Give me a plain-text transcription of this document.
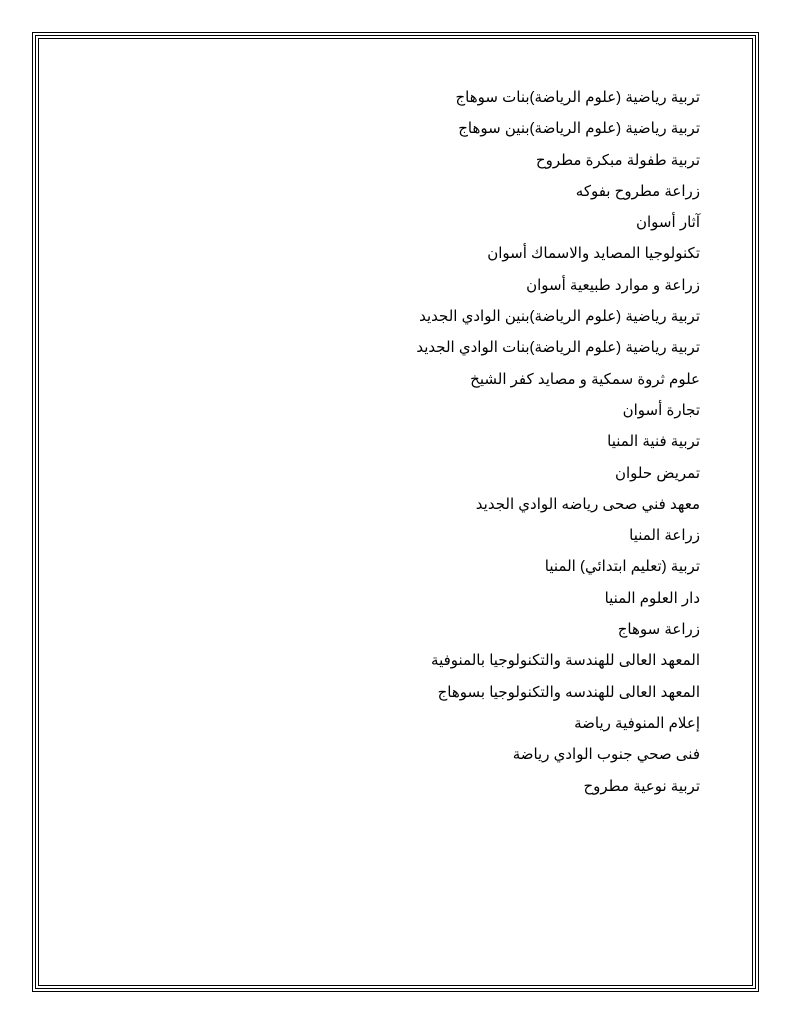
تربية رياضية (علوم الرياضة)بنات سوهاج
تربية رياضية (علوم الرياضة)بنين سوهاج
تربية طفولة مبكرة مطروح
زراعة مطروح بفوكه
آثار أسوان
تكنولوجيا المصايد والاسماك أسوان
زراعة و موارد طبيعية أسوان
تربية رياضية (علوم الرياضة)بنين الوادي الجديد
تربية رياضية (علوم الرياضة)بنات الوادي الجديد
علوم ثروة سمكية و مصايد كفر الشيخ
تجارة أسوان
تربية فنية المنيا
تمريض حلوان
معهد فني صحى رياضه الوادي الجديد
زراعة المنيا
تربية (تعليم ابتدائي) المنيا
دار العلوم المنيا
زراعة سوهاج
المعهد العالى للهندسة والتكنولوجيا بالمنوفية
المعهد العالى للهندسه والتكنولوجيا بسوهاج
إعلام المنوفية رياضة
فنى صحي جنوب الوادي رياضة
تربية نوعية مطروح
